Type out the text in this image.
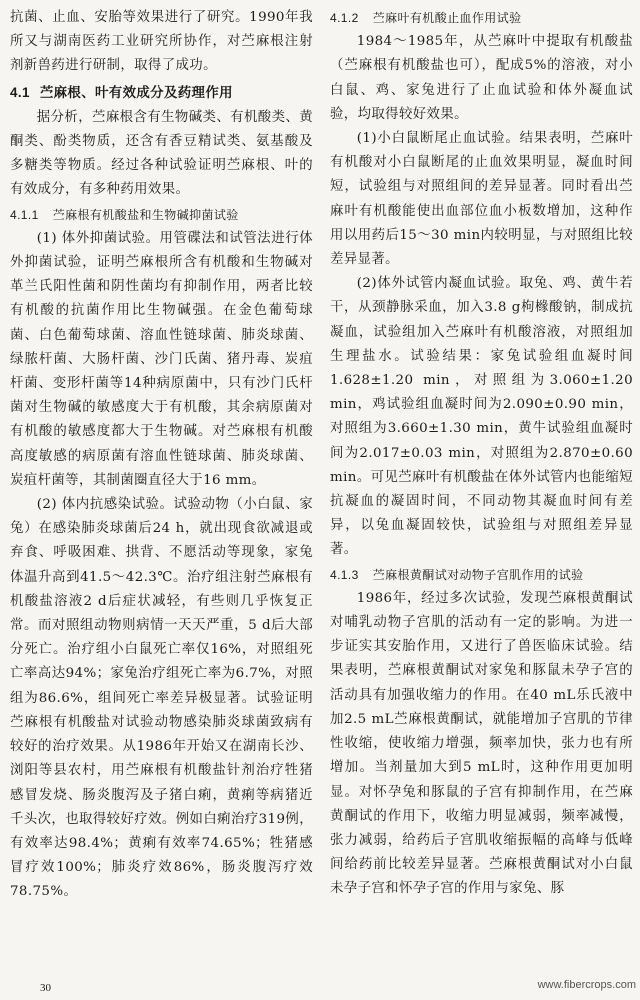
抗菌、止血、安胎等效果进行了研究。1990年我所又与湖南医药工业研究所协作，对苎麻根注射剂新兽药进行研制，取得了成功。

4.1 苎麻根、叶有效成分及药理作用

据分析，苎麻根含有生物碱类、有机酸类、黄酮类、酚类物质，还含有香豆精试类、氨基酸及多糖类等物质。经过各种试验证明苎麻根、叶的有效成分，有多种药用效果。

4.1.1 苎麻根有机酸盐和生物碱抑菌试验

(1) 体外抑菌试验。用管碟法和试管法进行体外抑菌试验，证明苎麻根所含有机酸和生物碱对革兰氏阳性菌和阴性菌均有抑制作用，两者比较有机酸的抗菌作用比生物碱强。在金色葡萄球菌、白色葡萄球菌、溶血性链球菌、肺炎球菌、绿脓杆菌、大肠杆菌、沙门氏菌、猪丹毒、炭疽杆菌、变形杆菌等14种病原菌中，只有沙门氏杆菌对生物碱的敏感度大于有机酸，其余病原菌对有机酸的敏感度都大于生物碱。对苎麻根有机酸高度敏感的病原菌有溶血性链球菌、肺炎球菌、炭疽杆菌等，其制菌圈直径大于16 mm。

(2) 体内抗感染试验。试验动物（小白鼠、家兔）在感染肺炎球菌后24 h，就出现食欲减退或弃食、呼吸困难、拱背、不愿活动等现象，家兔体温升高到41.5～42.3℃。治疗组注射苎麻根有机酸盐溶液2 d后症状减轻，有些则几乎恢复正常。而对照组动物则病情一天天严重，5 d后大部分死亡。治疗组小白鼠死亡率仅16%，对照组死亡率高达94%；家兔治疗组死亡率为6.7%，对照组为86.6%，组间死亡率差异极显著。试验证明苎麻根有机酸盐对试验动物感染肺炎球菌致病有较好的治疗效果。从1986年开始又在湖南长沙、浏阳等县农村，用苎麻根有机酸盐针剂治疗牲猪感冒发烧、肠炎腹泻及子猪白痢，黄痢等病猪近千头次，也取得较好疗效。例如白痢治疗319例，有效率达98.4%；黄痢有效率74.65%；牲猪感冒疗效100%；肺炎疗效86%，肠炎腹泻疗效78.75%。

4.1.2 苎麻叶有机酸止血作用试验

1984～1985年，从苎麻叶中提取有机酸盐（苎麻根有机酸盐也可），配成5%的溶液，对小白鼠、鸡、家兔进行了止血试验和体外凝血试验，均取得较好效果。

(1)小白鼠断尾止血试验。结果表明，苎麻叶有机酸对小白鼠断尾的止血效果明显，凝血时间短，试验组与对照组间的差异显著。同时看出苎麻叶有机酸能使出血部位血小板数增加，这种作用以用药后15～30 min内较明显，与对照组比较差异显著。

(2)体外试管内凝血试验。取兔、鸡、黄牛若干，从颈静脉采血，加入3.8 g枸橼酸钠，制成抗凝血，试验组加入苎麻叶有机酸溶液，对照组加生理盐水。试验结果：家兔试验组血凝时间1.628±1.20 min，对照组为3.060±1.20 min，鸡试验组血凝时间为2.090±0.90 min，对照组为3.660±1.30 min，黄牛试验组血凝时间为2.017±0.03 min，对照组为2.870±0.60 min。可见苎麻叶有机酸盐在体外试管内也能缩短抗凝血的凝固时间，不同动物其凝血时间有差异，以兔血凝固较快，试验组与对照组差异显著。

4.1.3 苎麻根黄酮试对动物子宫肌作用的试验

1986年，经过多次试验，发现苎麻根黄酮试对哺乳动物子宫肌的活动有一定的影响。为进一步证实其安胎作用，又进行了兽医临床试验。结果表明，苎麻根黄酮试对家兔和豚鼠未孕子宫的活动具有加强收缩力的作用。在40 mL乐氏液中加2.5 mL苎麻根黄酮试，就能增加子宫肌的节律性收缩，使收缩力增强，频率加快，张力也有所增加。当剂量加大到5 mL时，这种作用更加明显。对怀孕兔和豚鼠的子宫有抑制作用，在苎麻黄酮试的作用下，收缩力明显减弱，频率减慢，张力减弱，给药后子宫肌收缩振幅的高峰与低峰间给药前比较差异显著。苎麻根黄酮试对小白鼠未孕子宫和怀孕子宫的作用与家兔、豚

30	www.fibercrops.com
